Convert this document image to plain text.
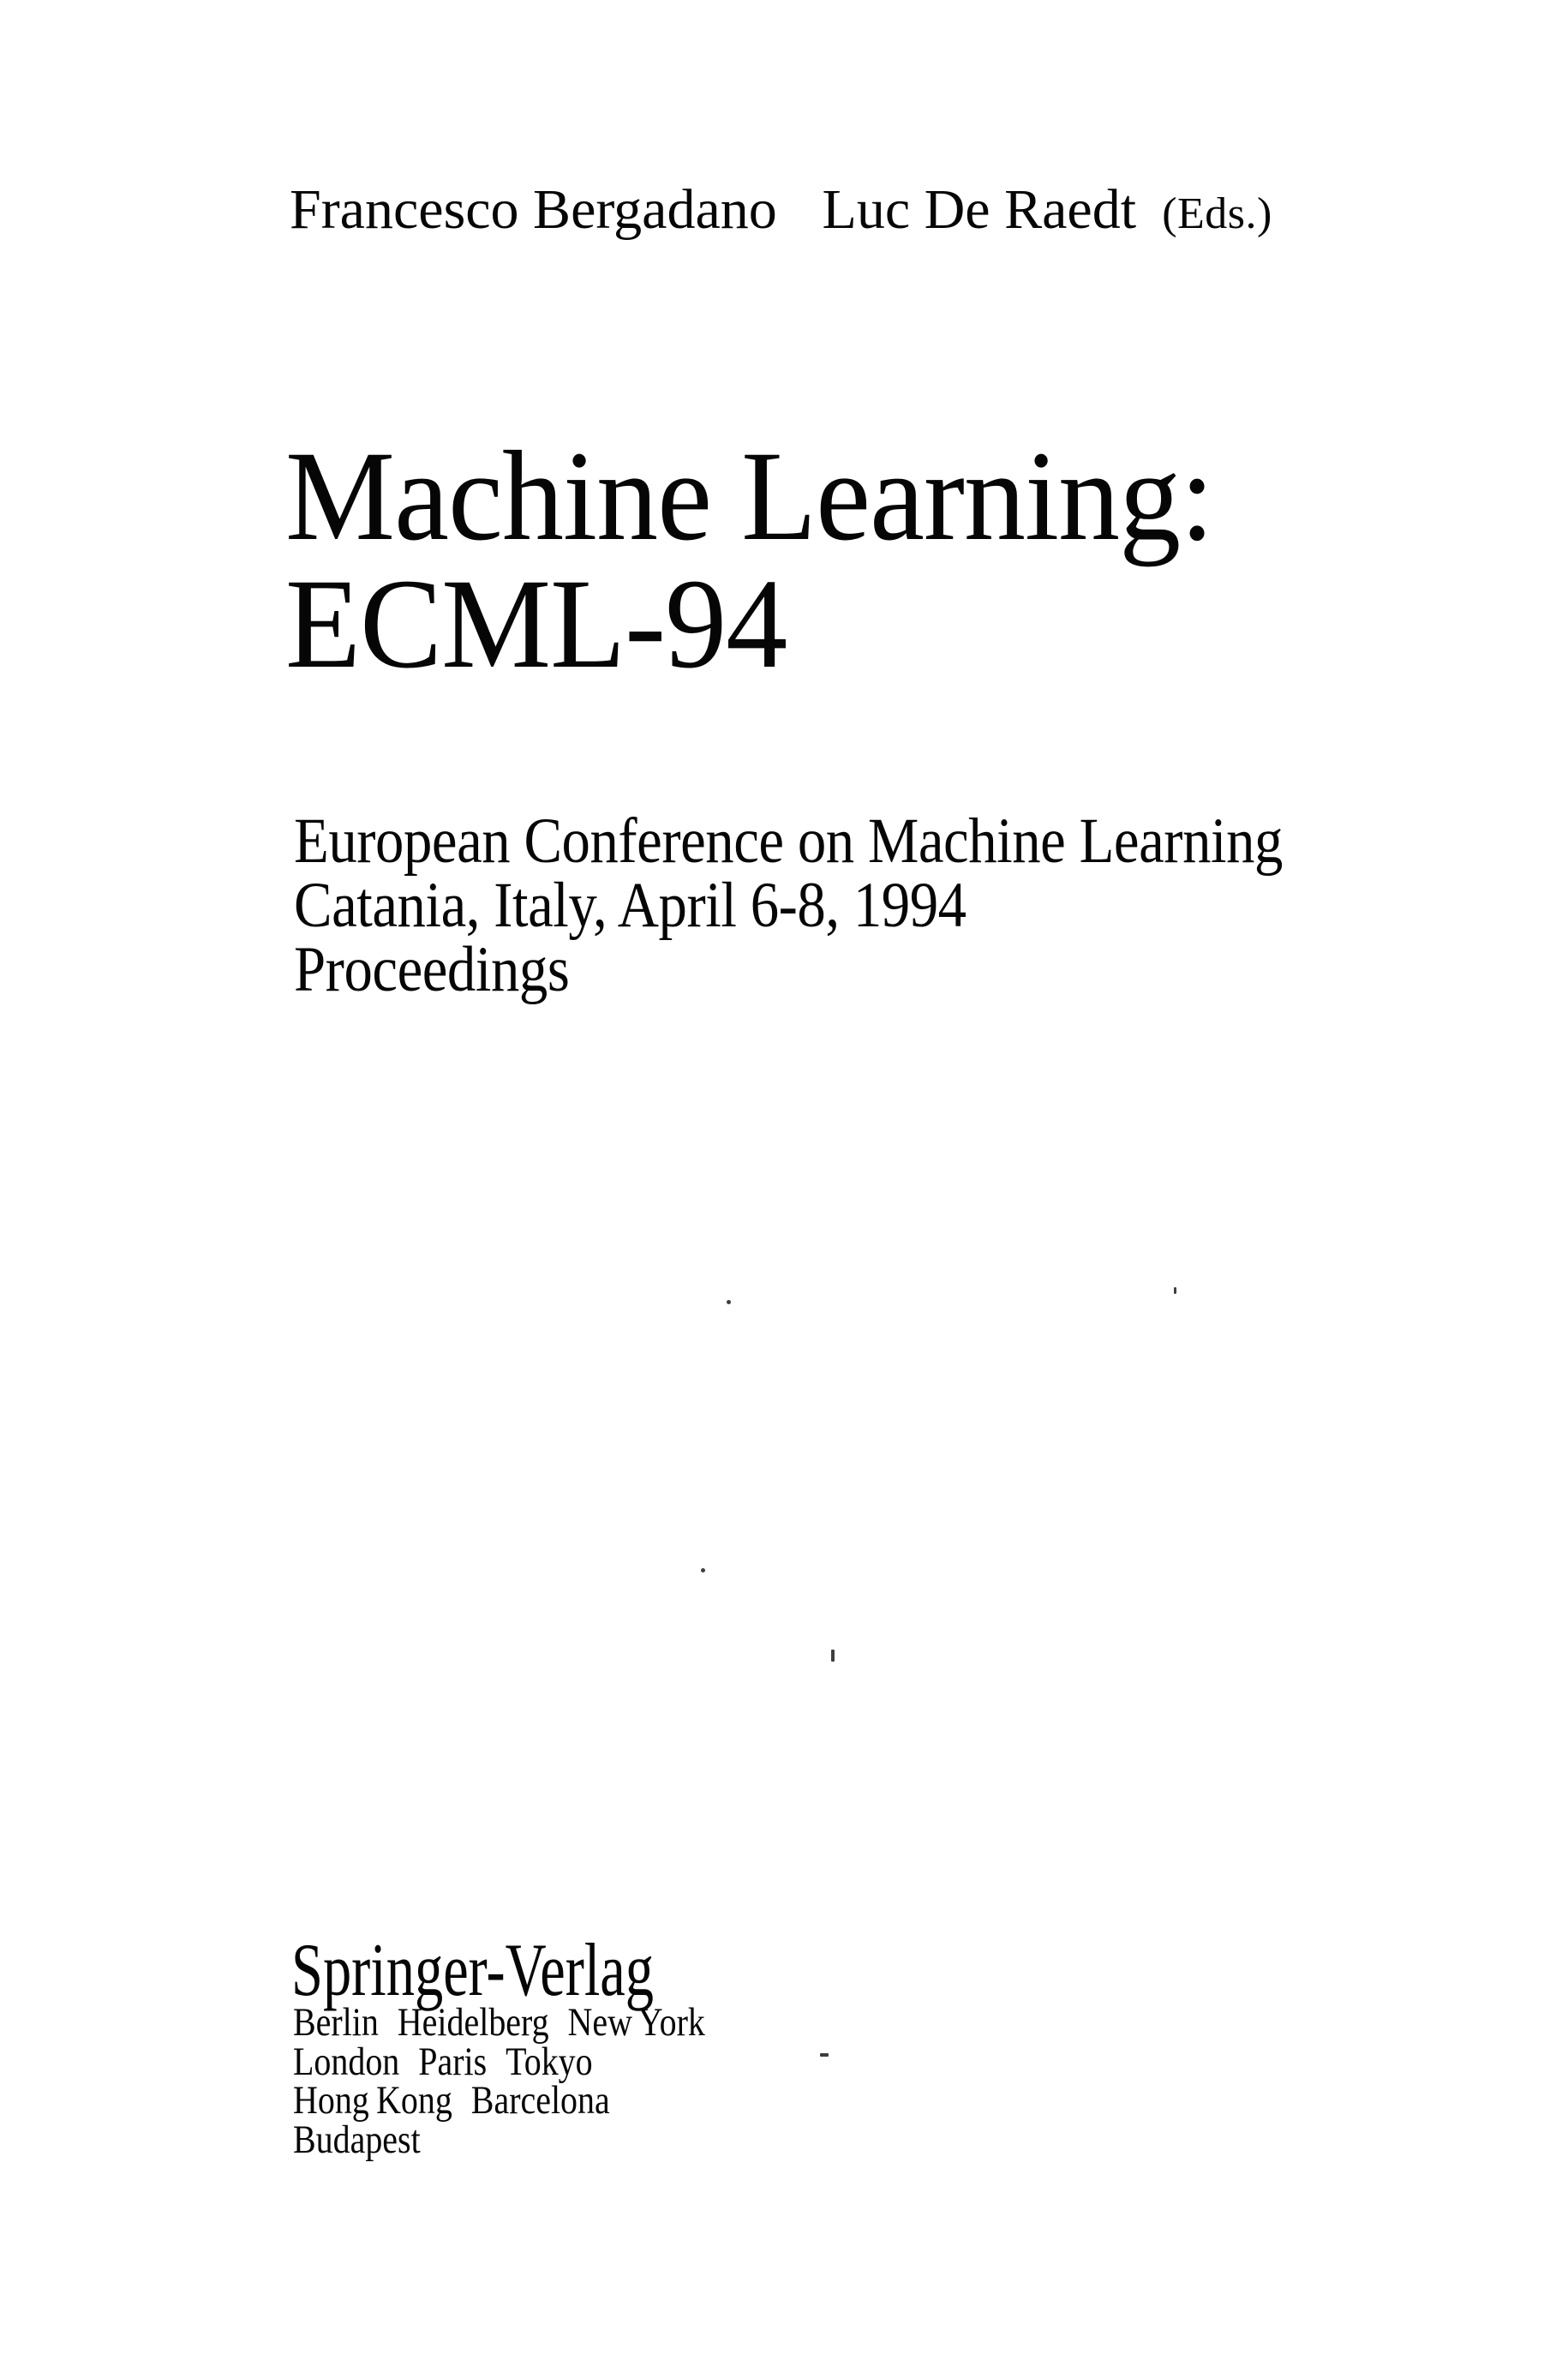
Francesco Bergadano Luc De Raedt (Eds.)
Machine Learning:
ECML-94
European Conference on Machine Learning
Catania, Italy, April 6-8, 1994
Proceedings
Springer-Verlag
Berlin Heidelberg New York
London Paris Tokyo
Hong Kong Barcelona
Budapest
